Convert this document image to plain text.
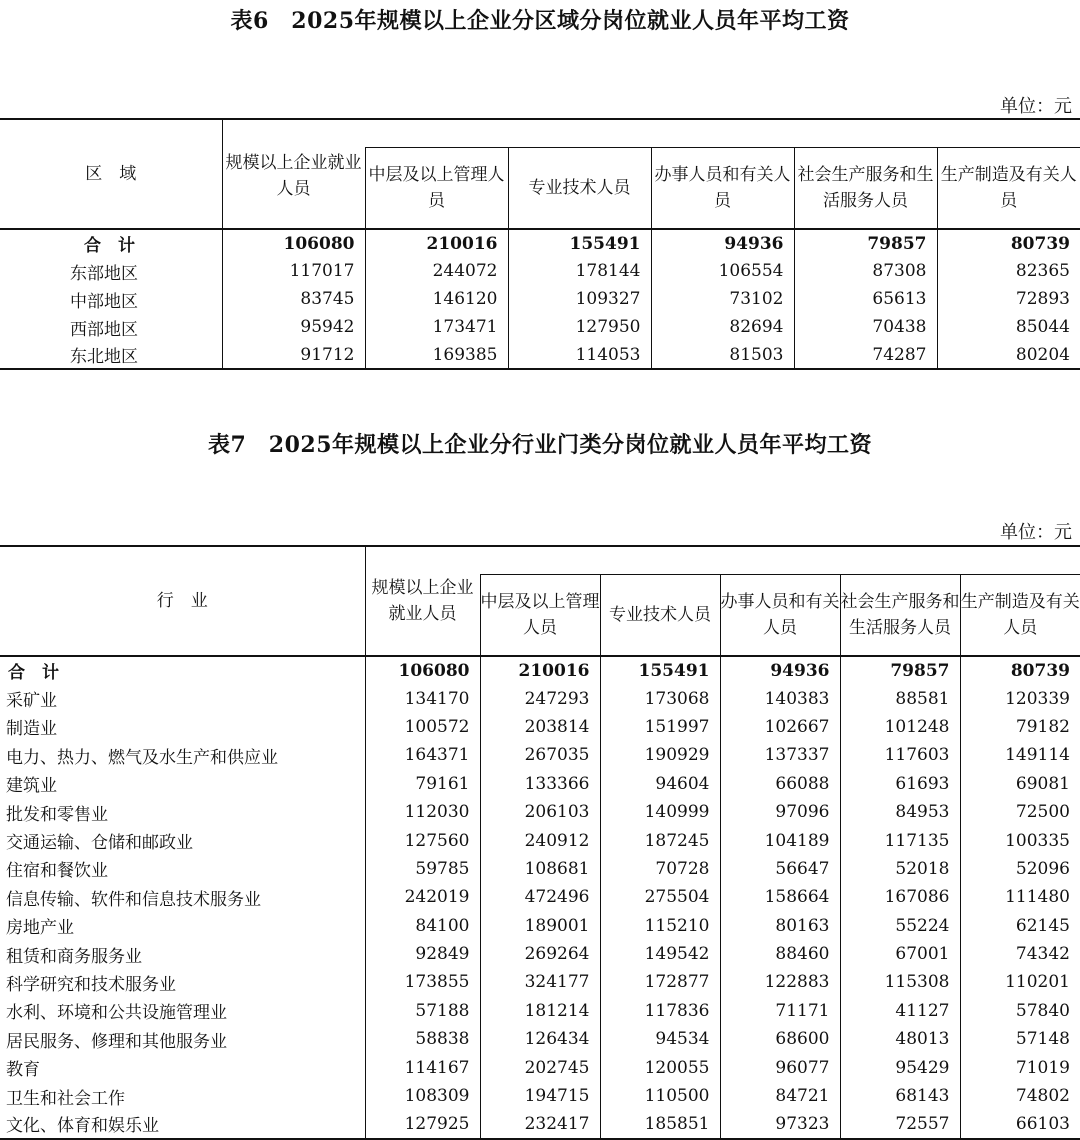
表6　2025年规模以上企业分区域分岗位就业人员年平均工资
单位：元
区　域	规模以上企业就业人员					
		中层及以上管理人员	专业技术人员	办事人员和有关人员	社会生产服务和生活服务人员	生产制造及有关人员
合　计	106080	210016	155491	94936	79857	80739
东部地区	117017	244072	178144	106554	87308	82365
中部地区	83745	146120	109327	73102	65613	72893
西部地区	95942	173471	127950	82694	70438	85044
东北地区	91712	169385	114053	81503	74287	80204
表7　2025年规模以上企业分行业门类分岗位就业人员年平均工资
单位：元
行　业	规模以上企业就业人员					
		中层及以上管理人员	专业技术人员	办事人员和有关人员	社会生产服务和生活服务人员	生产制造及有关人员
合　计	106080	210016	155491	94936	79857	80739
采矿业	134170	247293	173068	140383	88581	120339
制造业	100572	203814	151997	102667	101248	79182
电力、热力、燃气及水生产和供应业	164371	267035	190929	137337	117603	149114
建筑业	79161	133366	94604	66088	61693	69081
批发和零售业	112030	206103	140999	97096	84953	72500
交通运输、仓储和邮政业	127560	240912	187245	104189	117135	100335
住宿和餐饮业	59785	108681	70728	56647	52018	52096
信息传输、软件和信息技术服务业	242019	472496	275504	158664	167086	111480
房地产业	84100	189001	115210	80163	55224	62145
租赁和商务服务业	92849	269264	149542	88460	67001	74342
科学研究和技术服务业	173855	324177	172877	122883	115308	110201
水利、环境和公共设施管理业	57188	181214	117836	71171	41127	57840
居民服务、修理和其他服务业	58838	126434	94534	68600	48013	57148
教育	114167	202745	120055	96077	95429	71019
卫生和社会工作	108309	194715	110500	84721	68143	74802
文化、体育和娱乐业	127925	232417	185851	97323	72557	66103
